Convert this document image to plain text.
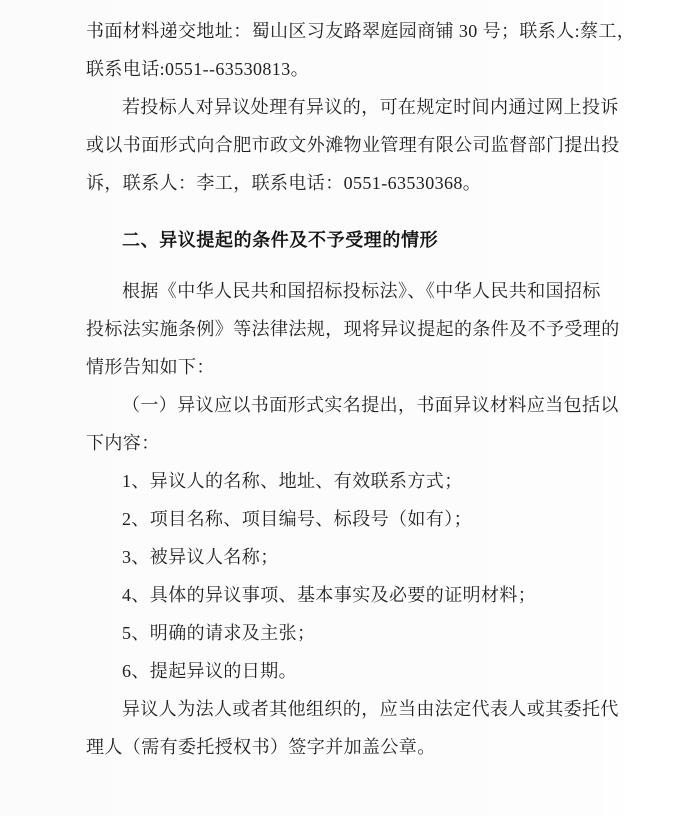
书面材料递交地址：蜀山区习友路翠庭园商铺 30 号；联系人:蔡工，
联系电话:0551--63530813。

若投标人对异议处理有异议的，可在规定时间内通过网上投诉
或以书面形式向合肥市政文外滩物业管理有限公司监督部门提出投
诉，联系人：李工，联系电话：0551-63530368。

二、异议提起的条件及不予受理的情形

根据《中华人民共和国招标投标法》、《中华人民共和国招标
投标法实施条例》等法律法规，现将异议提起的条件及不予受理的
情形告知如下：

（一）异议应以书面形式实名提出，书面异议材料应当包括以
下内容：

1、异议人的名称、地址、有效联系方式；

2、项目名称、项目编号、标段号（如有）；

3、被异议人名称；

4、具体的异议事项、基本事实及必要的证明材料；

5、明确的请求及主张；

6、提起异议的日期。

异议人为法人或者其他组织的，应当由法定代表人或其委托代
理人（需有委托授权书）签字并加盖公章。
